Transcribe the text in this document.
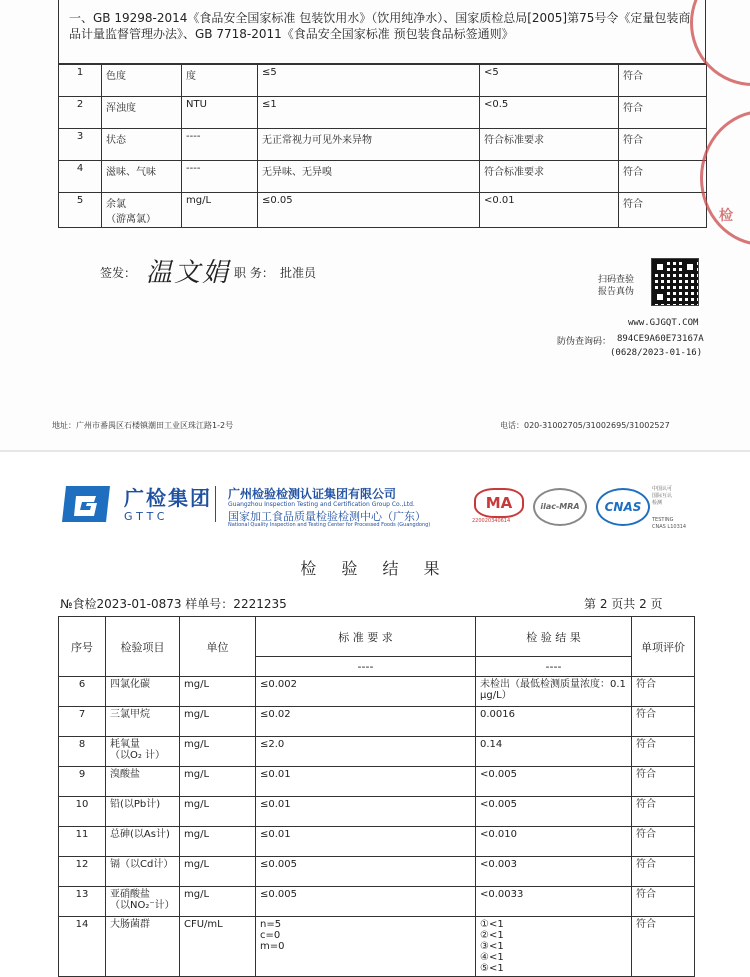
一、GB 19298-2014《食品安全国家标准 包装饮用水》（饮用纯净水）、国家质检总局[2005]第75号令《定量包装商品计量监督管理办法》、GB 7718-2011《食品安全国家标准 预包装食品标签通则》
1	色度	度	≤5	<5	符合
2	浑浊度	NTU	≤1	<0.5	符合
3	状态	----	无正常视力可见外来异物	符合标准要求	符合
4	滋味、气味	----	无异味、无异嗅	符合标准要求	符合
5	余氯
（游离氯）	mg/L	≤0.05	<0.01	符合
检
签发： 温文娟 职 务： 批准员	扫码查验
报告真伪
www.GJGQT.COM
防伪查询码： 894CE9A60E73167A
(0628/2023-01-16)
地址：广州市番禺区石楼镇潮田工业区珠江路1-2号	电话：020-31002705/31002695/31002527
广检集团
GTTC
广州检验检测认证集团有限公司
Guangzhou Inspection Testing and Certification Group Co.,Ltd.
国家加工食品质量检验检测中心（广东）
National Quality Inspection and Testing Center for Processed Foods (Guangdong)
MA
220020340614
ilac-MRA	CNAS
中国认可
国际互认
检测
TESTING
CNAS L10314
检 验 结 果
№食检2023-01-0873 样单号：2221235	第 2 页共 2 页
序号	检验项目	单位	标 准 要 求	检 验 结 果	单项评价
			----	----	
6	四氯化碳	mg/L	≤0.002	未检出（最低检测质量浓度：0.1 μg/L）	符合
7	三氯甲烷	mg/L	≤0.02	0.0016	符合
8	耗氧量
（以O₂ 计）	mg/L	≤2.0	0.14	符合
9	溴酸盐	mg/L	≤0.01	<0.005	符合
10	铅(以Pb计)	mg/L	≤0.01	<0.005	符合
11	总砷(以As计)	mg/L	≤0.01	<0.010	符合
12	镉（以Cd计）	mg/L	≤0.005	<0.003	符合
13	亚硝酸盐
（以NO₂⁻计）	mg/L	≤0.005	<0.0033	符合
14	大肠菌群	CFU/mL	n=5
c=0
m=0	①<1
②<1
③<1
④<1
⑤<1	符合
